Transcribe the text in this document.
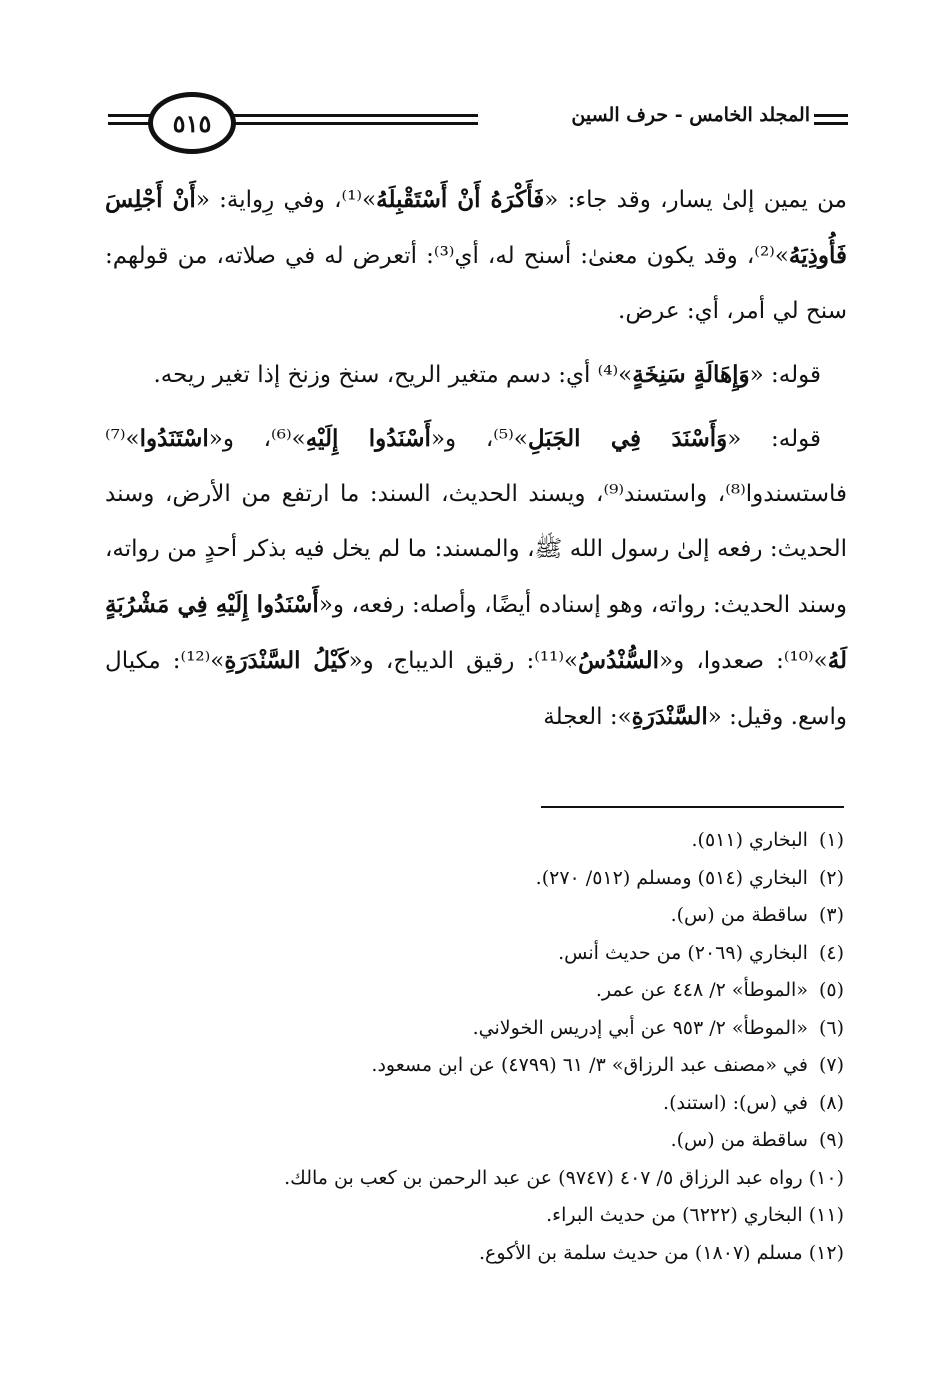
٥١٥	المجلد الخامس - حرف السين

من يمين إلىٰ يسار، وقد جاء: «فَأَكْرَهُ أَنْ أَسْتَقْبِلَهُ»⁽¹⁾، وفي رِواية: «أَنْ أَجْلِسَ فَأُوذِيَهُ»⁽²⁾، وقد يكون معنىٰ: أسنح له، أي⁽³⁾: أتعرض له في صلاته، من قولهم: سنح لي أمر، أي: عرض.

قوله: «وَإِهَالَةٍ سَنِخَةٍ»⁽⁴⁾ أي: دسم متغير الريح، سنخ وزنخ إذا تغير ريحه.

قوله: «وَأَسْنَدَ فِي الجَبَلِ»⁽⁵⁾، و«أَسْنَدُوا إِلَيْهِ»⁽⁶⁾، و«اسْتَنَدُوا»⁽⁷⁾ فاستسندوا⁽⁸⁾، واستسند⁽⁹⁾، ويسند الحديث، السند: ما ارتفع من الأرض، وسند الحديث: رفعه إلىٰ رسول الله ﷺ، والمسند: ما لم يخل فيه بذكر أحدٍ من رواته، وسند الحديث: رواته، وهو إسناده أيضًا، وأصله: رفعه، و«أَسْنَدُوا إِلَيْهِ فِي مَشْرُبَةٍ لَهُ»⁽¹⁰⁾: صعدوا، و«السُّنْدُسُ»⁽¹¹⁾: رقيق الديباج، و«كَيْلُ السَّنْدَرَةِ»⁽¹²⁾: مكيال واسع. وقيل: «السَّنْدَرَةِ»: العجلة

(١) البخاري (٥١١).
(٢) البخاري (٥١٤) ومسلم (٥١٢/ ٢٧٠).
(٣) ساقطة من (س).
(٤) البخاري (٢٠٦٩) من حديث أنس.
(٥) «الموطأ» ٢/ ٤٤٨ عن عمر.
(٦) «الموطأ» ٢/ ٩٥٣ عن أبي إدريس الخولاني.
(٧) في «مصنف عبد الرزاق» ٣/ ٦١ (٤٧٩٩) عن ابن مسعود.
(٨) في (س): (استند).
(٩) ساقطة من (س).
(١٠) رواه عبد الرزاق ٥/ ٤٠٧ (٩٧٤٧) عن عبد الرحمن بن كعب بن مالك.
(١١) البخاري (٦٢٢٢) من حديث البراء.
(١٢) مسلم (١٨٠٧) من حديث سلمة بن الأكوع.
